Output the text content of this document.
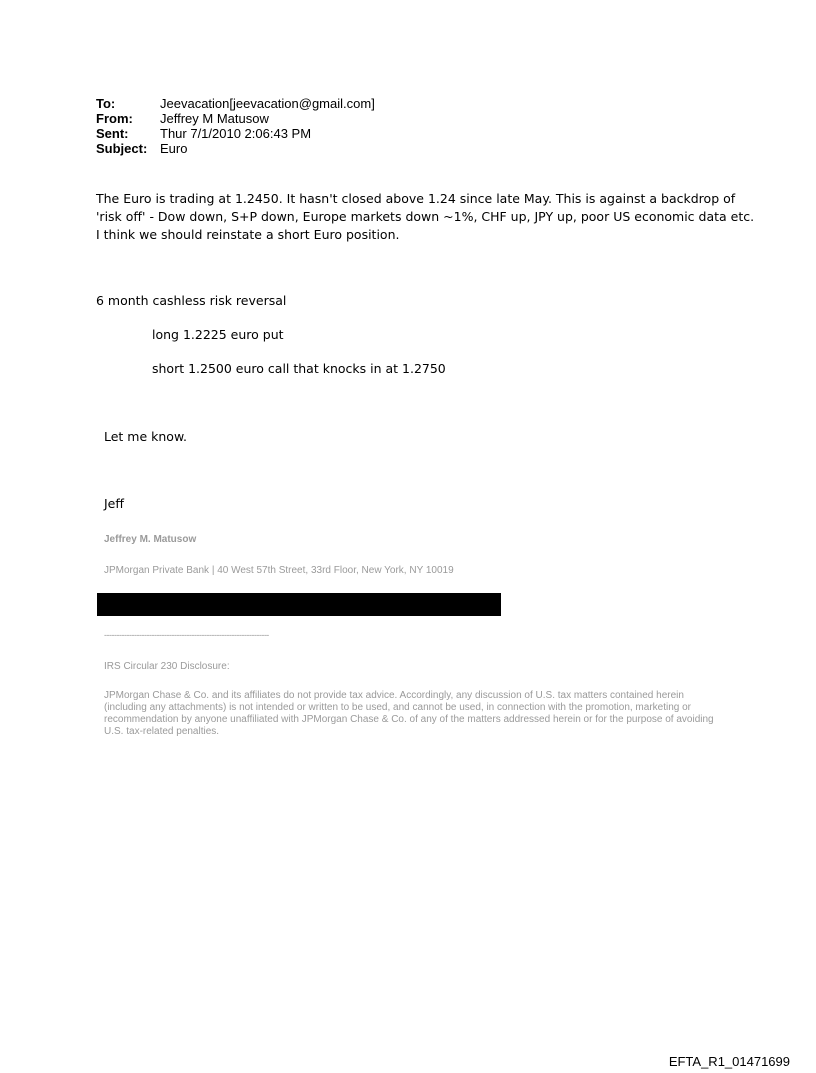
To:	Jeevacation[jeevacation@gmail.com]
From:	Jeffrey M Matusow
Sent:	Thur 7/1/2010 2:06:43 PM
Subject: Euro
The Euro is trading at 1.2450. It hasn't closed above 1.24 since late May. This is against a backdrop of
'risk off' - Dow down, S+P down, Europe markets down ~1%, CHF up, JPY up, poor US economic data etc.
I think we should reinstate a short Euro position.
6 month cashless risk reversal
long 1.2225 euro put
short 1.2500 euro call that knocks in at 1.2750
Let me know.
Jeff
Jeffrey M. Matusow
JPMorgan Private Bank | 40 West 57th Street, 33rd Floor, New York, NY 10019
------------------------------------------------------------------
IRS Circular 230 Disclosure:
JPMorgan Chase & Co. and its affiliates do not provide tax advice. Accordingly, any discussion of U.S. tax matters contained herein (including any attachments) is not intended or written to be used, and cannot be used, in connection with the promotion, marketing or recommendation by anyone unaffiliated with JPMorgan Chase & Co. of any of the matters addressed herein or for the purpose of avoiding U.S. tax-related penalties.
EFTA_R1_01471699
